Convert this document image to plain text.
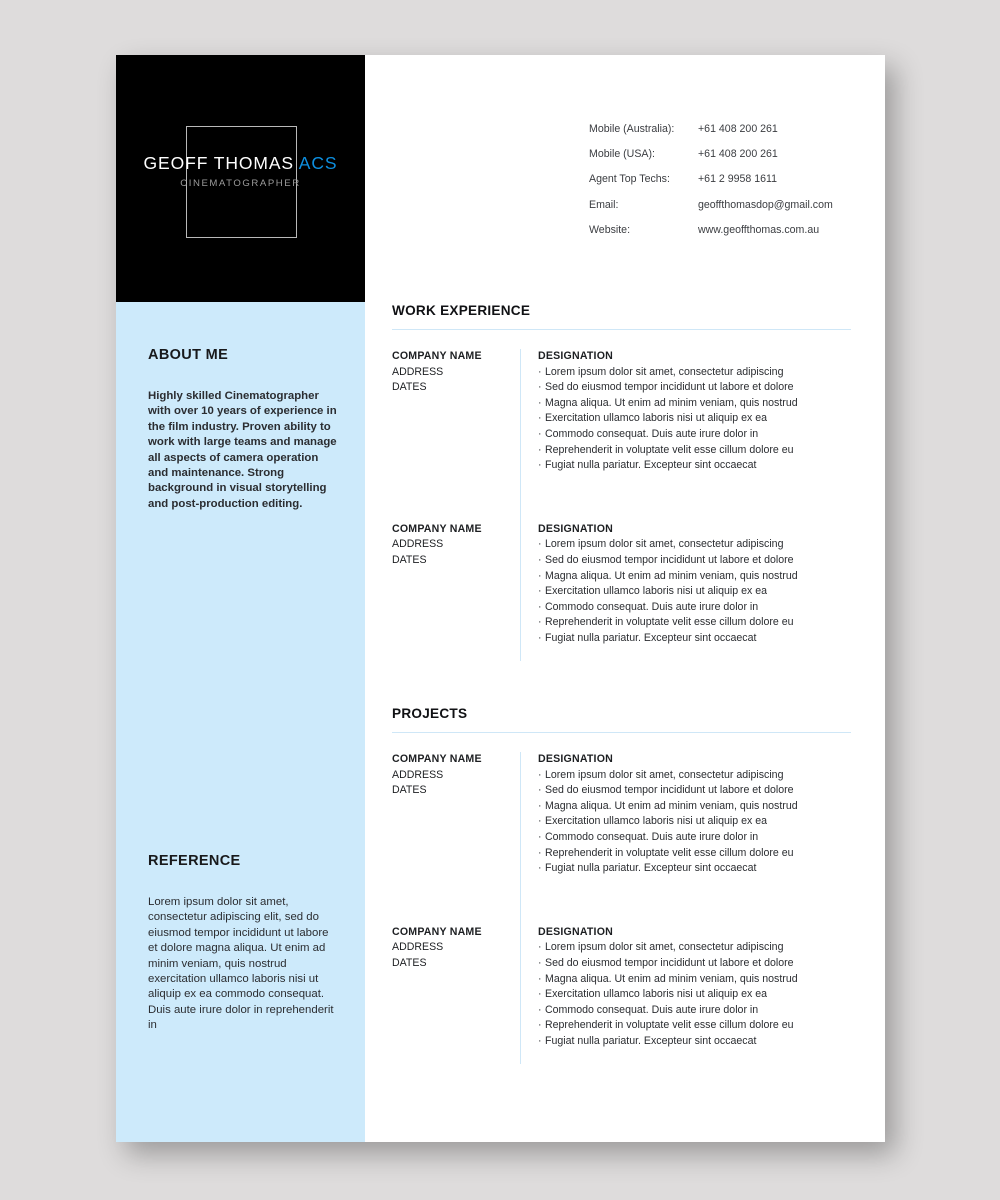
GEOFF THOMAS ACS
CINEMATOGRAPHER
ABOUT ME
Highly skilled Cinematographer with over 10 years of experience in the film industry. Proven ability to work with large teams and manage all aspects of camera operation and maintenance. Strong background in visual storytelling and post-production editing.
REFERENCE
Lorem ipsum dolor sit amet, consectetur adipiscing elit, sed do eiusmod tempor incididunt ut labore et dolore magna aliqua. Ut enim ad minim veniam, quis nostrud exercitation ullamco laboris nisi ut aliquip ex ea commodo consequat. Duis aute irure dolor in reprehenderit in
Mobile (Australia):	+61 408 200 261
Mobile (USA):	+61 408 200 261
Agent Top Techs:	+61 2 9958 1611
Email:	geoffthomasdop@gmail.com
Website:	www.geoffthomas.com.au
WORK EXPERIENCE
COMPANY NAME
ADDRESS
DATES
DESIGNATION
· Lorem ipsum dolor sit amet, consectetur adipiscing
· Sed do eiusmod tempor incididunt ut labore et dolore
· Magna aliqua. Ut enim ad minim veniam, quis nostrud
· Exercitation ullamco laboris nisi ut aliquip ex ea
· Commodo consequat. Duis aute irure dolor in
· Reprehenderit in voluptate velit esse cillum dolore eu
· Fugiat nulla pariatur. Excepteur sint occaecat
COMPANY NAME
ADDRESS
DATES
DESIGNATION
· Lorem ipsum dolor sit amet, consectetur adipiscing
· Sed do eiusmod tempor incididunt ut labore et dolore
· Magna aliqua. Ut enim ad minim veniam, quis nostrud
· Exercitation ullamco laboris nisi ut aliquip ex ea
· Commodo consequat. Duis aute irure dolor in
· Reprehenderit in voluptate velit esse cillum dolore eu
· Fugiat nulla pariatur. Excepteur sint occaecat
PROJECTS
COMPANY NAME
ADDRESS
DATES
DESIGNATION
· Lorem ipsum dolor sit amet, consectetur adipiscing
· Sed do eiusmod tempor incididunt ut labore et dolore
· Magna aliqua. Ut enim ad minim veniam, quis nostrud
· Exercitation ullamco laboris nisi ut aliquip ex ea
· Commodo consequat. Duis aute irure dolor in
· Reprehenderit in voluptate velit esse cillum dolore eu
· Fugiat nulla pariatur. Excepteur sint occaecat
COMPANY NAME
ADDRESS
DATES
DESIGNATION
· Lorem ipsum dolor sit amet, consectetur adipiscing
· Sed do eiusmod tempor incididunt ut labore et dolore
· Magna aliqua. Ut enim ad minim veniam, quis nostrud
· Exercitation ullamco laboris nisi ut aliquip ex ea
· Commodo consequat. Duis aute irure dolor in
· Reprehenderit in voluptate velit esse cillum dolore eu
· Fugiat nulla pariatur. Excepteur sint occaecat
